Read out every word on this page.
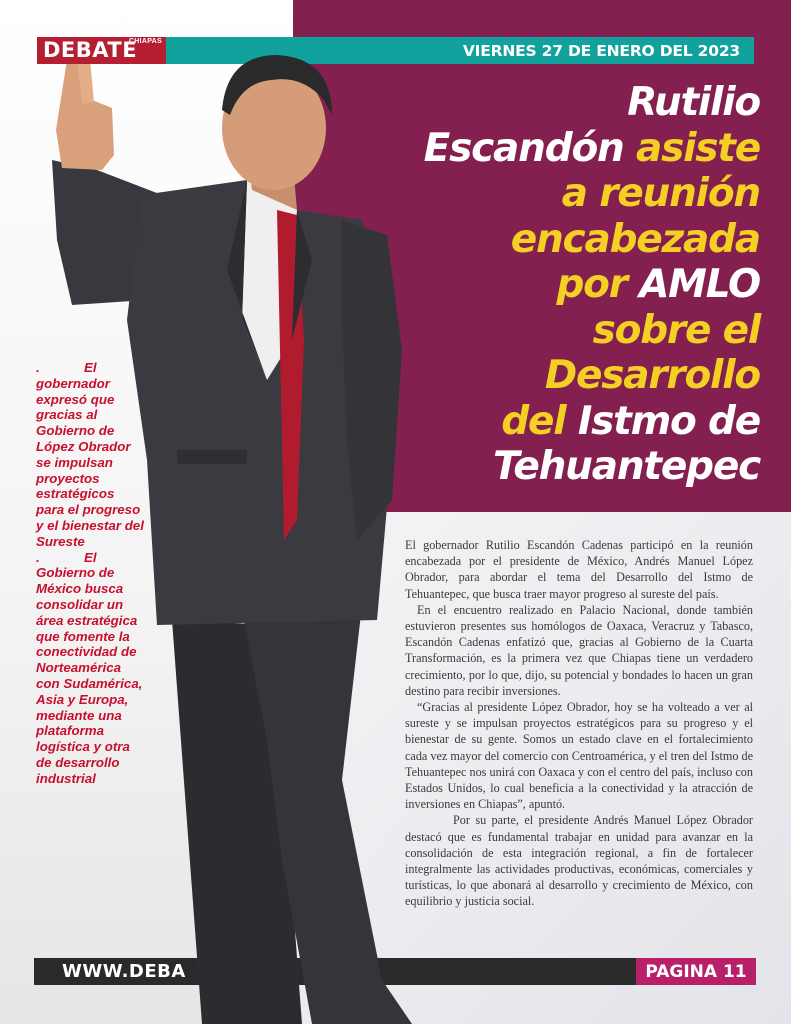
VIERNES 27 DE ENERO DEL 2023
DEBATE
CHIAPAS
Rutilio
Escandón asiste
a reunión
encabezada
por AMLO
sobre el
Desarrollo
del Istmo de
Tehuantepec

.	El gobernador expresó que gracias al Gobierno de López Obrador se impulsan proyectos estratégicos para el progreso y el bienestar del Sureste

.	El Gobierno de México busca consolidar un área estratégica que fomente la conectividad de Norteamérica con Sudamérica, Asia y Europa, mediante una plataforma logística y otra de desarrollo industrial

El gobernador Rutilio Escandón Cadenas participó en la reunión encabezada por el presidente de México, Andrés Manuel López Obrador, para abordar el tema del Desarrollo del Istmo de Tehuantepec, que busca traer mayor progreso al sureste del país.

En el encuentro realizado en Palacio Nacional, donde también estuvieron presentes sus homólogos de Oaxaca, Veracruz y Tabasco, Escandón Cadenas enfatizó que, gracias al Gobierno de la Cuarta Transformación, es la primera vez que Chiapas tiene un verdadero crecimiento, por lo que, dijo, su potencial y bondades lo hacen un gran destino para recibir inversiones.

“Gracias al presidente López Obrador, hoy se ha volteado a ver al sureste y se impulsan proyectos estratégicos para su progreso y el bienestar de su gente. Somos un estado clave en el fortalecimiento cada vez mayor del comercio con Centroamérica, y el tren del Istmo de Tehuantepec nos unirá con Oaxaca y con el centro del país, incluso con Estados Unidos, lo cual beneficia a la conectividad y la atracción de inversiones en Chiapas”, apuntó.

Por su parte, el presidente Andrés Manuel López Obrador destacó que es fundamental trabajar en unidad para avanzar en la consolidación de esta integración regional, a fin de fortalecer integralmente las actividades productivas, económicas, comerciales y turísticas, lo que abonará al desarrollo y crecimiento de México, con equilibrio y justicia social.

WWW.DEBA	PAGINA 11
